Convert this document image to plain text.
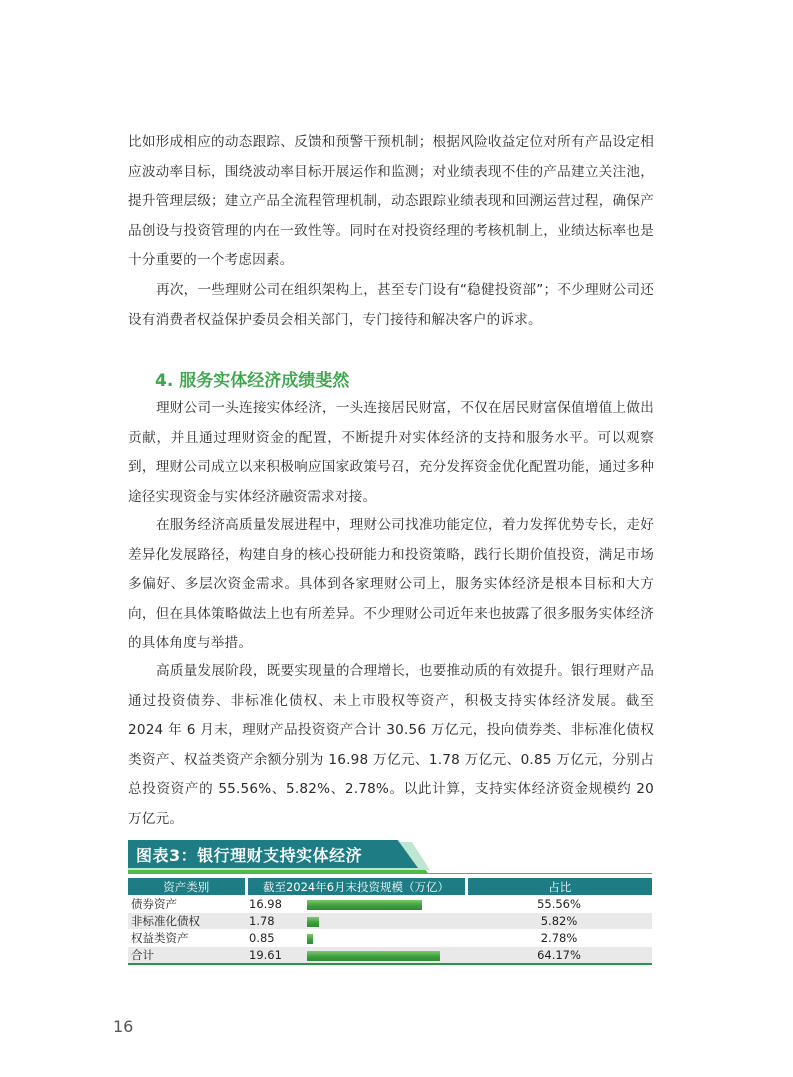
比如形成相应的动态跟踪、反馈和预警干预机制；根据风险收益定位对所有产品设定相应波动率目标，围绕波动率目标开展运作和监测；对业绩表现不佳的产品建立关注池，提升管理层级；建立产品全流程管理机制，动态跟踪业绩表现和回溯运营过程，确保产品创设与投资管理的内在一致性等。同时在对投资经理的考核机制上，业绩达标率也是十分重要的一个考虑因素。

再次，一些理财公司在组织架构上，甚至专门设有“稳健投资部”；不少理财公司还设有消费者权益保护委员会相关部门，专门接待和解决客户的诉求。

4. 服务实体经济成绩斐然

理财公司一头连接实体经济，一头连接居民财富，不仅在居民财富保值增值上做出贡献，并且通过理财资金的配置，不断提升对实体经济的支持和服务水平。可以观察到，理财公司成立以来积极响应国家政策号召，充分发挥资金优化配置功能，通过多种途径实现资金与实体经济融资需求对接。

在服务经济高质量发展进程中，理财公司找准功能定位，着力发挥优势专长，走好差异化发展路径，构建自身的核心投研能力和投资策略，践行长期价值投资，满足市场多偏好、多层次资金需求。具体到各家理财公司上，服务实体经济是根本目标和大方向，但在具体策略做法上也有所差异。不少理财公司近年来也披露了很多服务实体经济的具体角度与举措。

高质量发展阶段，既要实现量的合理增长，也要推动质的有效提升。银行理财产品通过投资债券、非标准化债权、未上市股权等资产，积极支持实体经济发展。截至 2024 年 6 月末，理财产品投资资产合计 30.56 万亿元，投向债券类、非标准化债权类资产、权益类资产余额分别为 16.98 万亿元、1.78 万亿元、0.85 万亿元，分别占总投资资产的 55.56%、5.82%、2.78%。以此计算，支持实体经济资金规模约 20 万亿元。

图表3：银行理财支持实体经济
资产类别	截至2024年6月末投资规模（万亿）		占比
债券资产	16.98		55.56%
非标准化债权	1.78		5.82%
权益类资产	0.85		2.78%
合计	19.61		64.17%
16
